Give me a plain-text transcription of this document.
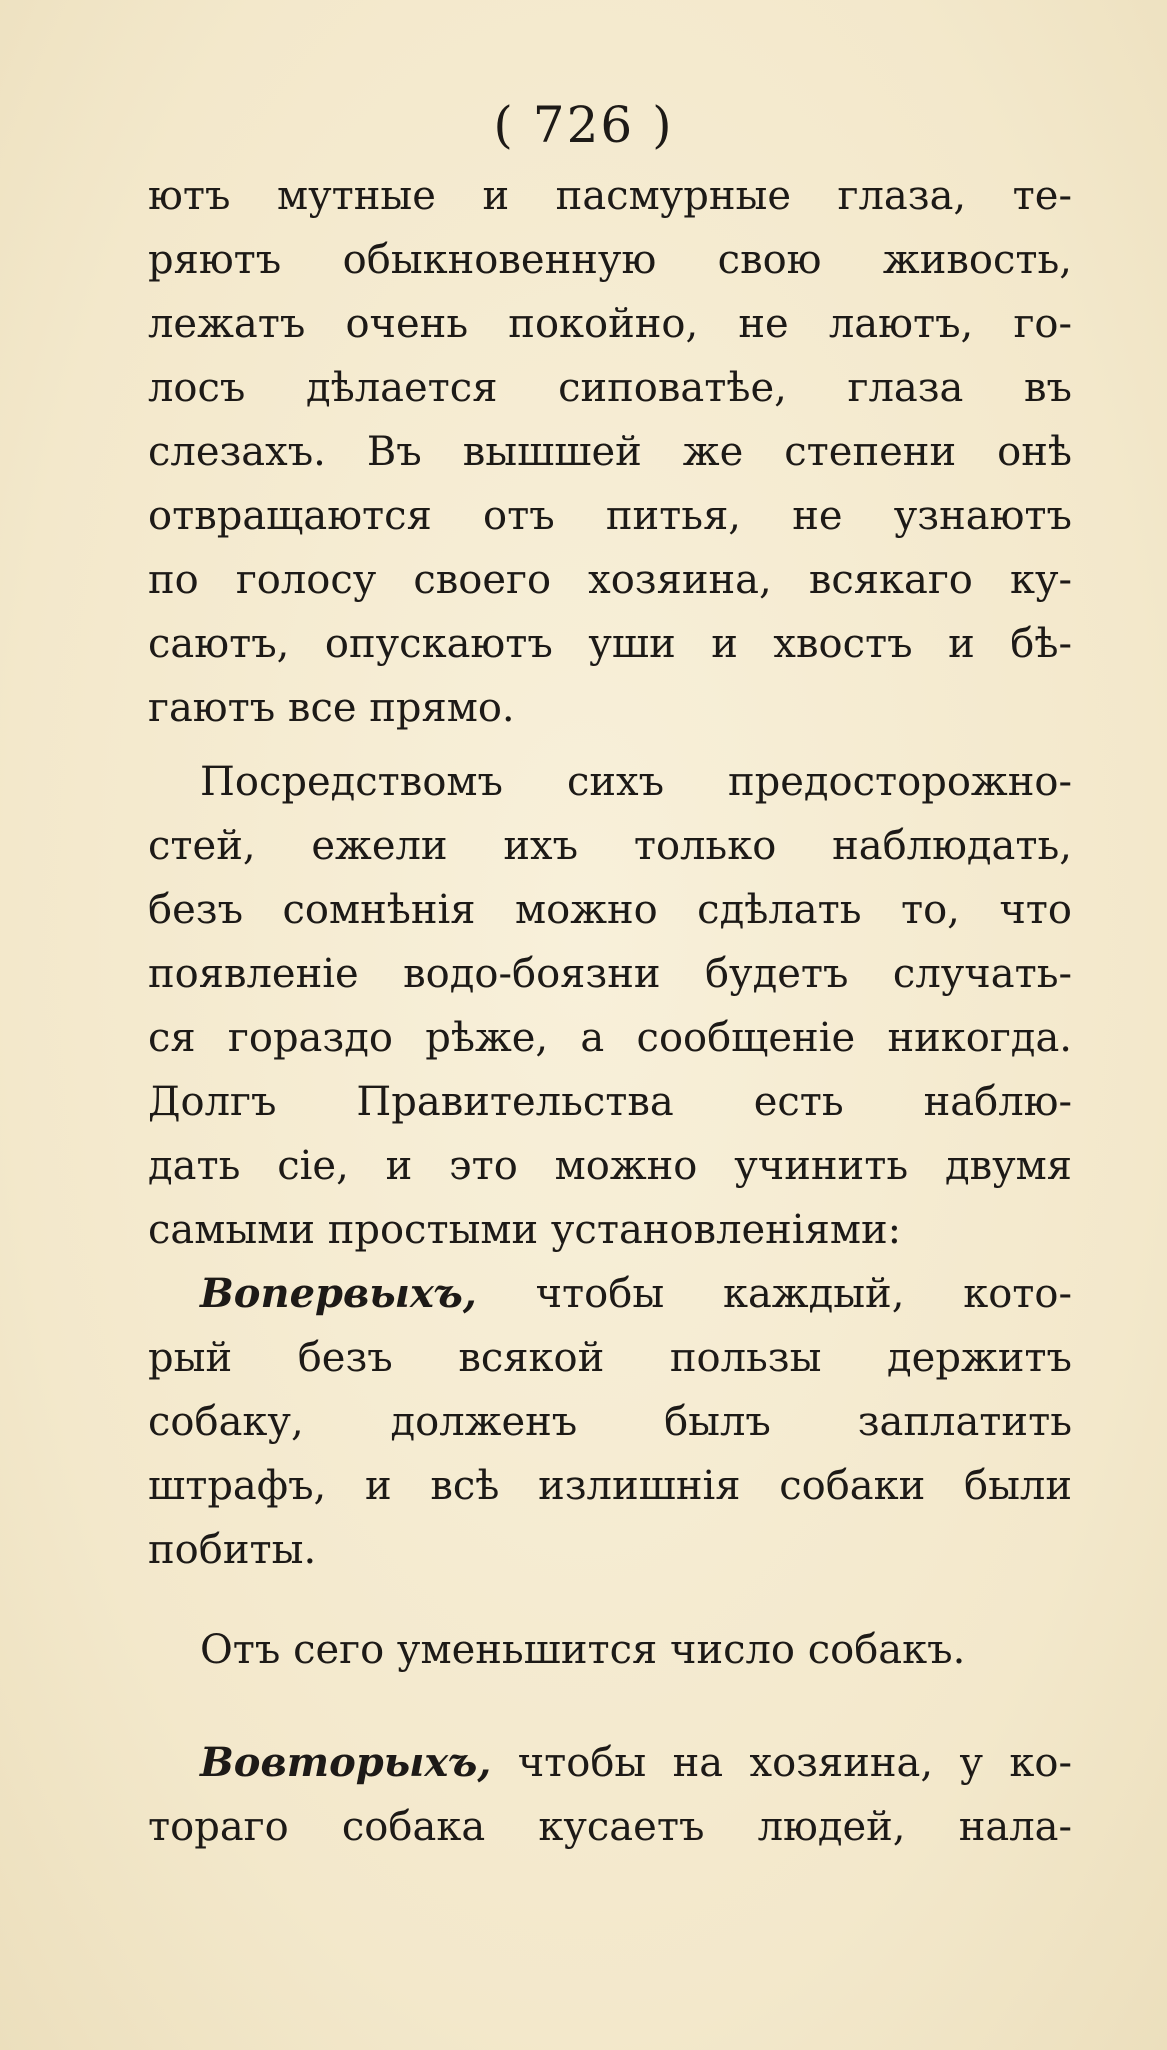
( 726 )
ютъ мутные и пасмурные глаза, те-
ряютъ обыкновенную свою живость,
лежатъ очень покойно, не лаютъ, го-
лосъ дѣлается сиповатѣе, глаза въ
слезахъ. Въ вышшей же степени онѣ
отвращаются отъ питья, не узнаютъ
по голосу своего хозяина, всякаго ку-
саютъ, опускаютъ уши и хвостъ и бѣ-
гаютъ все прямо.
Посредствомъ сихъ предосторожно-
стей, ежели ихъ только наблюдать,
безъ сомнѣнія можно сдѣлать то, что
появленіе водо-боязни будетъ случать-
ся гораздо рѣже, а сообщеніе никогда.
Долгъ Правительства есть наблю-
дать сіе, и это можно учинить двумя
самыми простыми установленіями:
Вопервыхъ, чтобы каждый, кото-
рый безъ всякой пользы держитъ
собаку, долженъ былъ заплатить
штрафъ, и всѣ излишнія собаки были
побиты.
Отъ сего уменьшится число собакъ.
Вовторыхъ, чтобы на хозяина, у ко-
тораго собака кусаетъ людей, нала-
